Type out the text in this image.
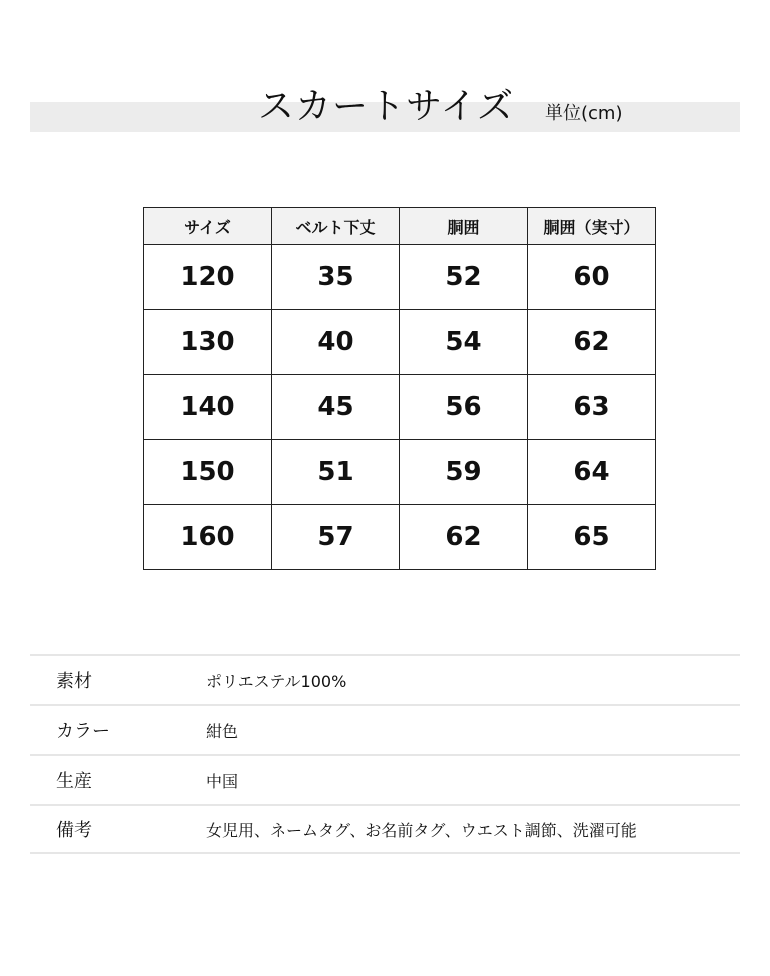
スカートサイズ 単位(cm)
サイズ	ベルト下丈	胴囲	胴囲（実寸）
120	35	52	60
130	40	54	62
140	45	56	63
150	51	59	64
160	57	62	65
素材	ポリエステル100%
カラー	紺色
生産	中国
備考	女児用、ネームタグ、お名前タグ、ウエスト調節、洗濯可能
